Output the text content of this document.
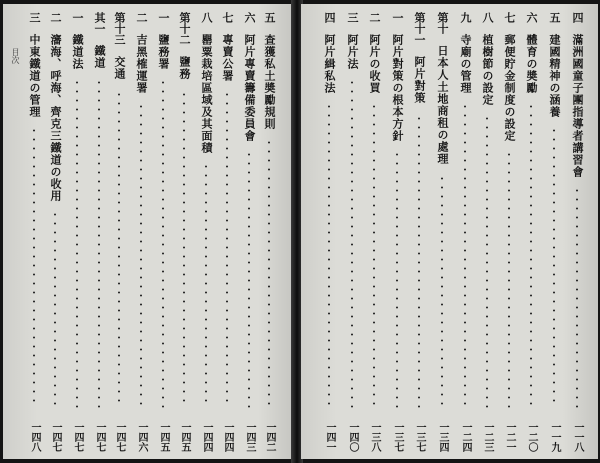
目次
五　查獲私土奬勵規則
一四二
六　阿片專賣籌備委員會
一四三
七　專賣公署
一四四
八　罌粟栽培區域及其面積
一四四
第十二　鹽務
一四五
一　鹽務署
一四五
二　吉黑榷運署
一四六
第十三　交通
一四七
其一　鐵道
一四七
一　鐵道法
一四七
二　瀋海、呼海、齊克三鐵道の收用
一四七
三　中東鐵道の管理
一四八
四　滿洲國童子團指導者講習會
一一八
五　建國精神の涵養
一一九
六　體育の奬勵
一二〇
七　郵便貯金制度の設定
一二一
八　植樹節の設定
一二三
九　寺廟の管理
一二四
第十　日本人土地商租の處理
一三四
第十一　阿片對策
一三七
一　阿片對策の根本方針
一三七
二　阿片の收買
一三八
三　阿片法
一四〇
四　阿片緝私法
一四一
